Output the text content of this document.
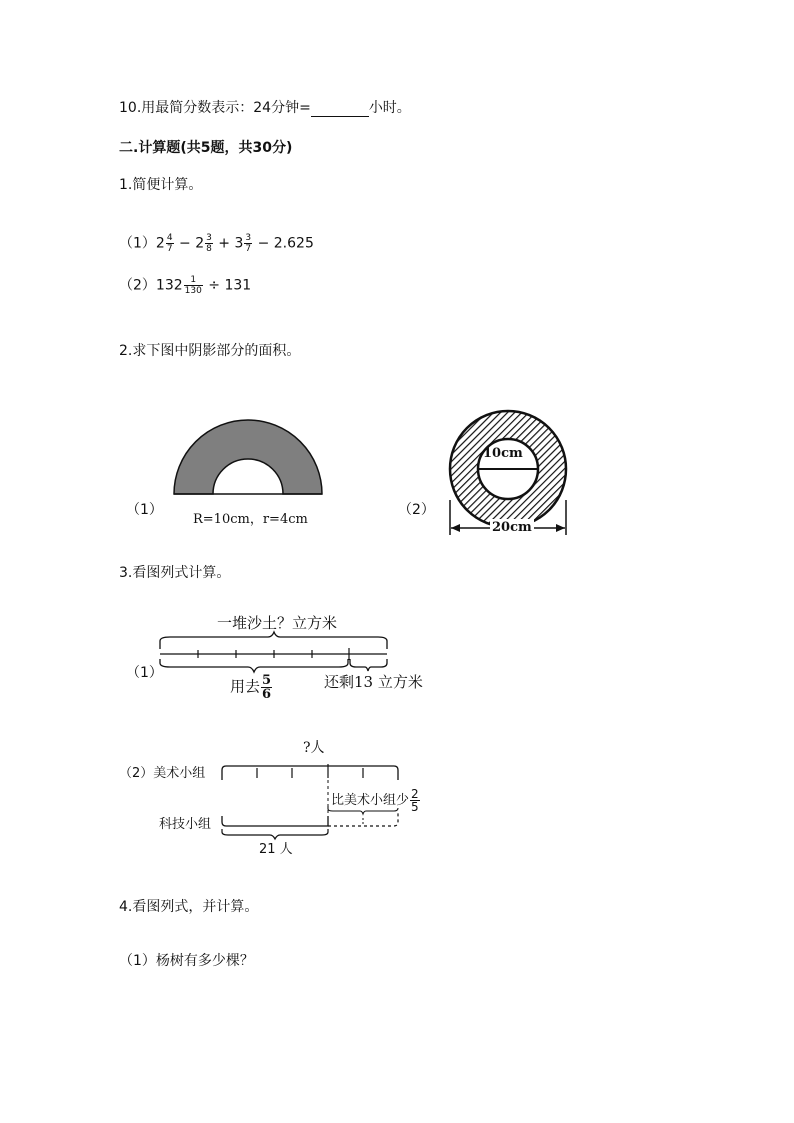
10.用最简分数表示：24分钟=	小时。
二.计算题(共5题，共30分)
1.简便计算。
$(1)2 \frac{4}{7} - 2 \frac{3}{8} + 3 \frac{3}{7} - 2.625$
$(2)132 \frac{1}{130} \div 131$
2.求下图中阴影部分的面积。
（1）
R=10cm，r=4cm
（2）
10cm
20cm
3.看图列式计算。
一堆沙土？立方米
（1）
用去 $\frac{5}{6}$	还剩13 立方米
?人
（2）美术小组
比美术小组少 $\frac{2}{5}$
科技小组
21 人
4.看图列式，并计算。
（1）杨树有多少棵？
